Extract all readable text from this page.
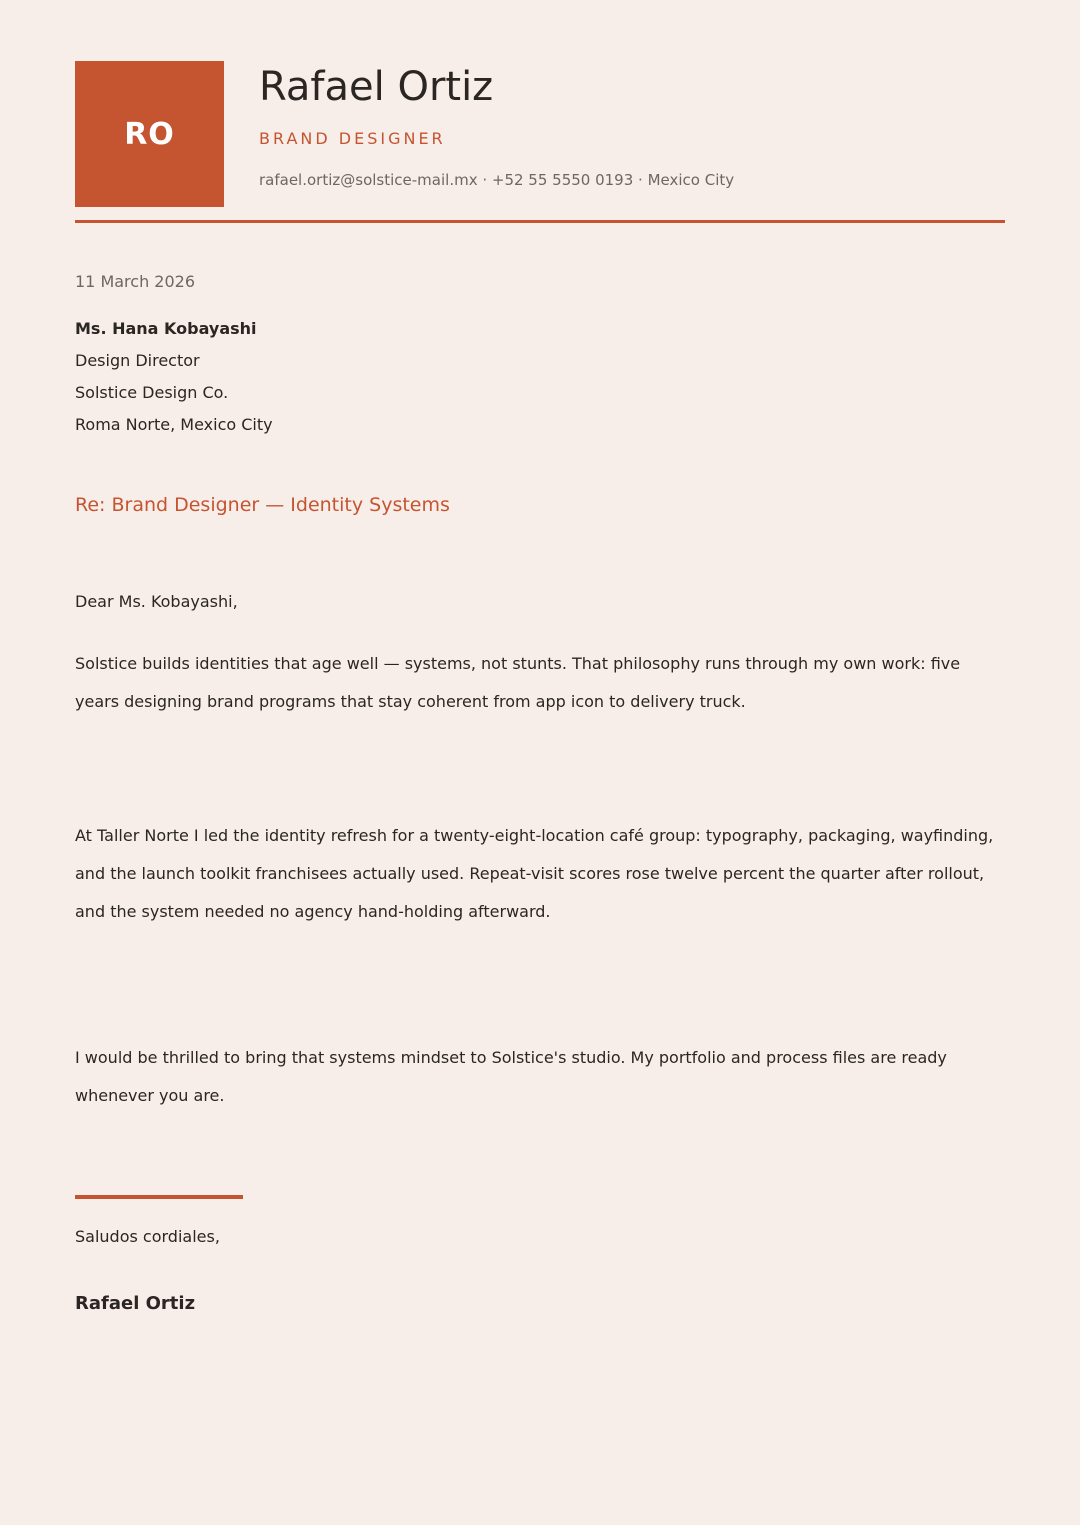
RO
Rafael Ortiz
BRAND DESIGNER
rafael.ortiz@solstice-mail.mx · +52 55 5550 0193 · Mexico City
11 March 2026
Ms. Hana Kobayashi
Design Director
Solstice Design Co.
Roma Norte, Mexico City
Re: Brand Designer — Identity Systems
Dear Ms. Kobayashi,

Solstice builds identities that age well — systems, not stunts. That philosophy runs through my own work: five years designing brand programs that stay coherent from app icon to delivery truck.

At Taller Norte I led the identity refresh for a twenty-eight-location café group: typography, packaging, wayfinding, and the launch toolkit franchisees actually used. Repeat-visit scores rose twelve percent the quarter after rollout, and the system needed no agency hand-holding afterward.

I would be thrilled to bring that systems mindset to Solstice's studio. My portfolio and process files are ready whenever you are.

Saludos cordiales,
Rafael Ortiz
